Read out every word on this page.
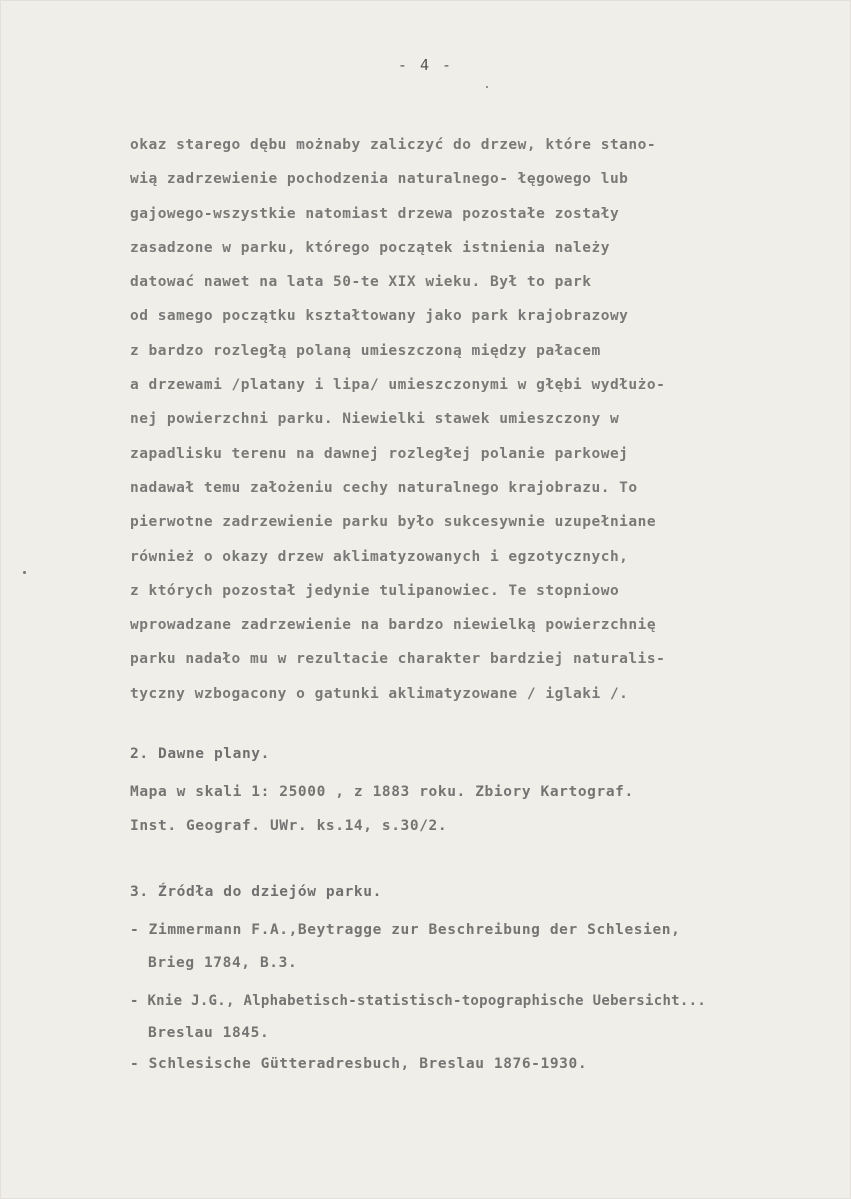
- 4 -
okaz starego dębu możnaby zaliczyć do drzew, które stano-
wią zadrzewienie pochodzenia naturalnego- łęgowego lub
gajowego-wszystkie natomiast drzewa pozostałe zostały
zasadzone w parku, którego początek istnienia należy
datować nawet na lata 50-te XIX wieku. Był to park
od samego początku kształtowany jako park krajobrazowy
z bardzo rozległą polaną umieszczoną między pałacem
a drzewami /platany i lipa/ umieszczonymi w głębi wydłużo-
nej powierzchni parku. Niewielki stawek umieszczony w
zapadlisku terenu na dawnej rozległej polanie parkowej
nadawał temu założeniu cechy naturalnego krajobrazu. To
pierwotne zadrzewienie parku było sukcesywnie uzupełniane
również o okazy drzew aklimatyzowanych i egzotycznych,
z których pozostał jedynie tulipanowiec. Te stopniowo
wprowadzane zadrzewienie na bardzo niewielką powierzchnię
parku nadało mu w rezultacie charakter bardziej naturalis-
tyczny wzbogacony o gatunki aklimatyzowane / iglaki /.
2. Dawne plany.
Mapa w skali 1: 25000 , z 1883 roku. Zbiory Kartograf.
Inst. Geograf. UWr. ks.14, s.30/2.
3. Źródła do dziejów parku.
- Zimmermann F.A.,Beytragge zur Beschreibung der Schlesien,
Brieg 1784, B.3.
- Knie J.G., Alphabetisch-statistisch-topographische Uebersicht...
Breslau 1845.
- Schlesische Gütteradresbuch, Breslau 1876-1930.
